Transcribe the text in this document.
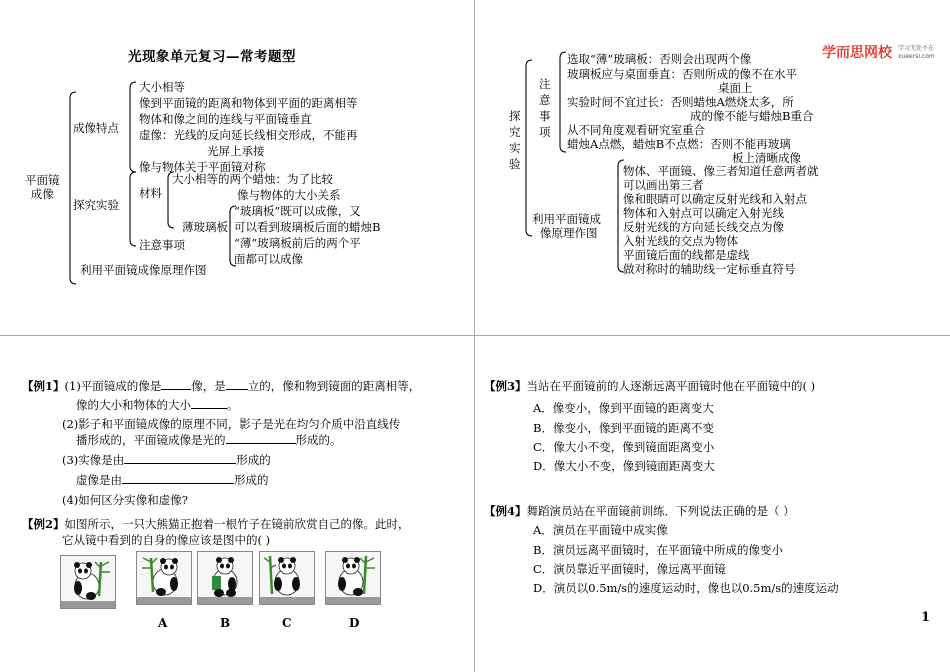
光现象单元复习—常考题型
平面镜
成像
成像特点
大小相等
像到平面镜的距离和物体到平面的距离相等
物体和像之间的连线与平面镜垂直
虚像：光线的反向延长线相交形成，不能再
光屏上承接
像与物体关于平面镜对称
探究实验
材料
大小相等的两个蜡烛：为了比较
像与物体的大小关系
薄玻璃板
“玻璃板”既可以成像，又
可以看到玻璃板后面的蜡烛B
“薄”玻璃板前后的两个平
面都可以成像
注意事项
利用平面镜成像原理作图
学而思网校 学习无处不在
xueersi.com
探
究
实
验
注
意
事
项
选取“薄”玻璃板：否则会出现两个像
玻璃板应与桌面垂直：否则所成的像不在水平
桌面上
实验时间不宜过长：否则蜡烛A燃烧太多，所
成的像不能与蜡烛B重合
从不同角度观看研究室重合
蜡烛A点燃，蜡烛B不点燃：否则不能再玻璃
板上清晰成像
利用平面镜成
像原理作图
物体、平面镜、像三者知道任意两者就
可以画出第三者
像和眼睛可以确定反射光线和入射点
物体和入射点可以确定入射光线
反射光线的方向延长线交点为像
入射光线的交点为物体
平面镜后面的线都是虚线
做对称时的辅助线一定标垂直符号
【例1】(1)平面镜成的像是	像，是 立的，像和物到镜面的距离相等，
像的大小和物体的大小	。
(2)影子和平面镜成像的原理不同，影子是光在均匀介质中沿直线传
播形成的，平面镜成像是光的	形成的。
(3)实像是由	形成的
虚像是由	形成的
(4)如何区分实像和虚像?
【例2】如图所示，一只大熊猫正抱着一根竹子在镜前欣赏自己的像。此时，
它从镜中看到的自身的像应该是图中的( )
A	B	C	D
【例3】当站在平面镜前的人逐渐远离平面镜时他在平面镜中的( )
A．像变小，像到平面镜的距离变大
B．像变小，像到平面镜的距离不变
C．像大小不变，像到镜面距离变小
D．像大小不变，像到镜面距离变大
【例4】舞蹈演员站在平面镜前训练．下列说法正确的是（ ）
A．演员在平面镜中成实像
B．演员远离平面镜时，在平面镜中所成的像变小
C．演员靠近平面镜时，像远离平面镜
D．演员以0.5m/s的速度运动时，像也以0.5m/s的速度运动
1
